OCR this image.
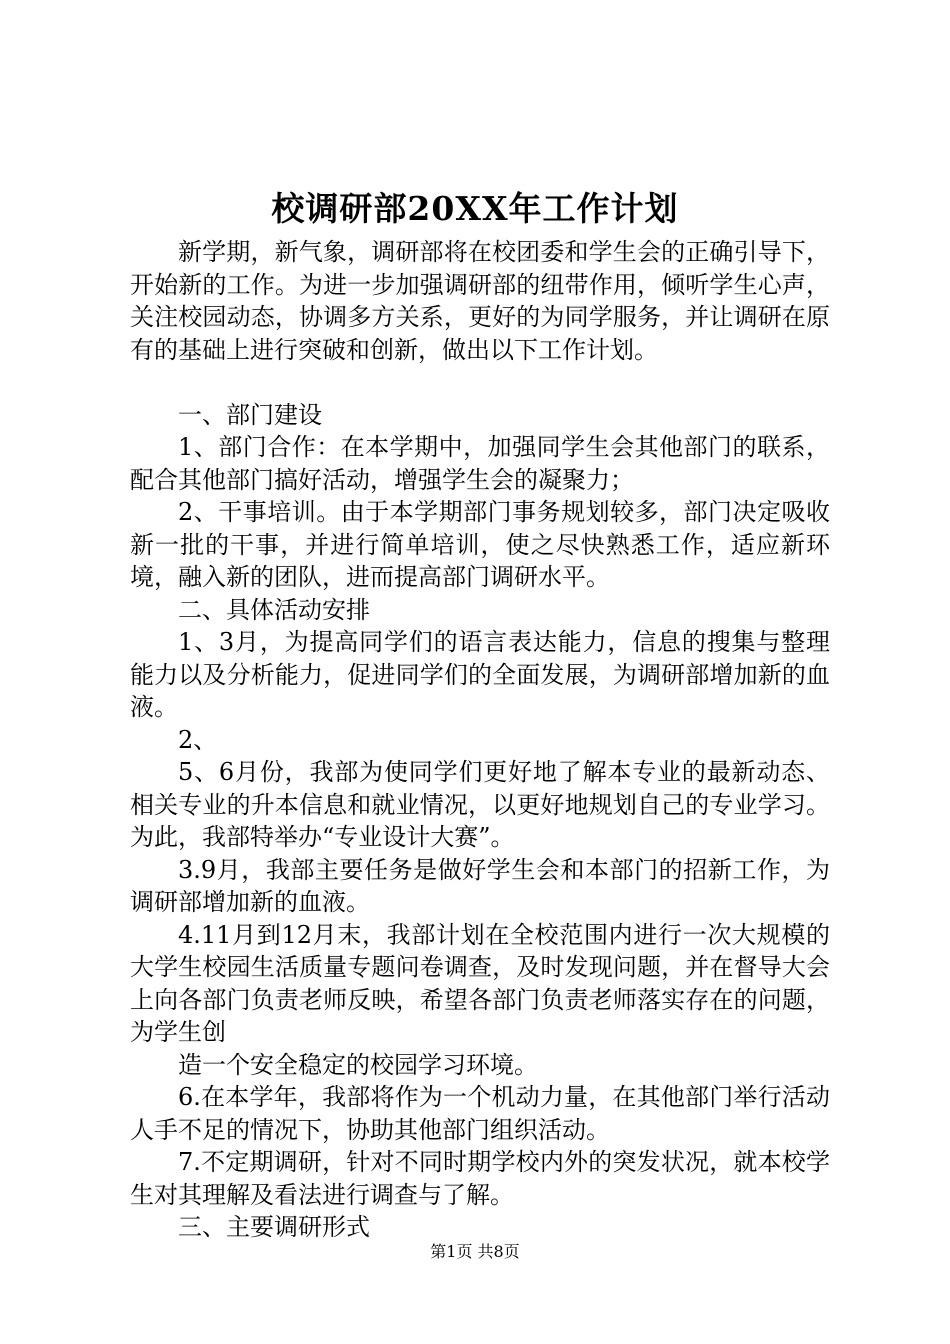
校调研部20XX年工作计划

新学期，新气象，调研部将在校团委和学生会的正确引导下，开始新的工作。为进一步加强调研部的纽带作用，倾听学生心声，关注校园动态，协调多方关系，更好的为同学服务，并让调研在原有的基础上进行突破和创新，做出以下工作计划。

一、部门建设

1、部门合作：在本学期中，加强同学生会其他部门的联系，配合其他部门搞好活动，增强学生会的凝聚力；

2、干事培训。由于本学期部门事务规划较多，部门决定吸收新一批的干事，并进行简单培训，使之尽快熟悉工作，适应新环境，融入新的团队，进而提高部门调研水平。

二、具体活动安排

1、3月，为提高同学们的语言表达能力，信息的搜集与整理能力以及分析能力，促进同学们的全面发展，为调研部增加新的血液。

2、

5、6月份，我部为使同学们更好地了解本专业的最新动态、相关专业的升本信息和就业情况，以更好地规划自己的专业学习。为此，我部特举办“专业设计大赛”。

3.9月，我部主要任务是做好学生会和本部门的招新工作，为调研部增加新的血液。

4.11月到12月末，我部计划在全校范围内进行一次大规模的大学生校园生活质量专题问卷调查，及时发现问题，并在督导大会上向各部门负责老师反映，希望各部门负责老师落实存在的问题，为学生创

造一个安全稳定的校园学习环境。

6.在本学年，我部将作为一个机动力量，在其他部门举行活动人手不足的情况下，协助其他部门组织活动。

7.不定期调研，针对不同时期学校内外的突发状况，就本校学生对其理解及看法进行调查与了解。

三、主要调研形式

第1页 共8页
